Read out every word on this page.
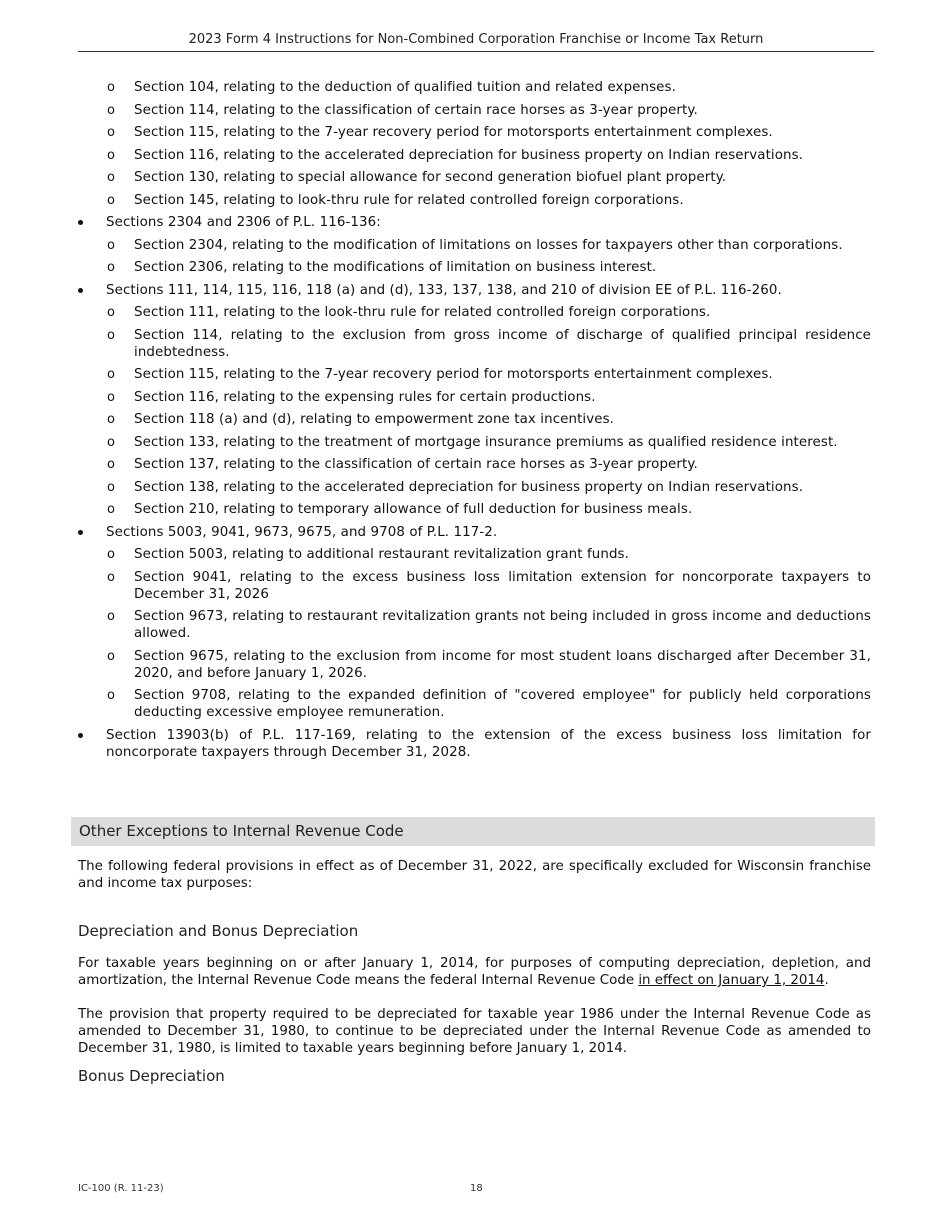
2023 Form 4 Instructions for Non-Combined Corporation Franchise or Income Tax Return
o Section 104, relating to the deduction of qualified tuition and related expenses.
o Section 114, relating to the classification of certain race horses as 3-year property.
o Section 115, relating to the 7-year recovery period for motorsports entertainment complexes.
o Section 116, relating to the accelerated depreciation for business property on Indian reservations.
o Section 130, relating to special allowance for second generation biofuel plant property.
o Section 145, relating to look-thru rule for related controlled foreign corporations.
Sections 2304 and 2306 of P.L. 116-136:
o Section 2304, relating to the modification of limitations on losses for taxpayers other than corporations.
o Section 2306, relating to the modifications of limitation on business interest.
Sections 111, 114, 115, 116, 118 (a) and (d), 133, 137, 138, and 210 of division EE of P.L. 116-260.
o Section 111, relating to the look-thru rule for related controlled foreign corporations.
o Section 114, relating to the exclusion from gross income of discharge of qualified principal residence indebtedness.
o Section 115, relating to the 7-year recovery period for motorsports entertainment complexes.
o Section 116, relating to the expensing rules for certain productions.
o Section 118 (a) and (d), relating to empowerment zone tax incentives.
o Section 133, relating to the treatment of mortgage insurance premiums as qualified residence interest.
o Section 137, relating to the classification of certain race horses as 3-year property.
o Section 138, relating to the accelerated depreciation for business property on Indian reservations.
o Section 210, relating to temporary allowance of full deduction for business meals.
Sections 5003, 9041, 9673, 9675, and 9708 of P.L. 117-2.
o Section 5003, relating to additional restaurant revitalization grant funds.
o Section 9041, relating to the excess business loss limitation extension for noncorporate taxpayers to December 31, 2026
o Section 9673, relating to restaurant revitalization grants not being included in gross income and deductions allowed.
o Section 9675, relating to the exclusion from income for most student loans discharged after December 31, 2020, and before January 1, 2026.
o Section 9708, relating to the expanded definition of "covered employee" for publicly held corporations deducting excessive employee remuneration.
Section 13903(b) of P.L. 117-169, relating to the extension of the excess business loss limitation for noncorporate taxpayers through December 31, 2028.
Other Exceptions to Internal Revenue Code
The following federal provisions in effect as of December 31, 2022, are specifically excluded for Wisconsin franchise and income tax purposes:
Depreciation and Bonus Depreciation
For taxable years beginning on or after January 1, 2014, for purposes of computing depreciation, depletion, and amortization, the Internal Revenue Code means the federal Internal Revenue Code in effect on January 1, 2014.
The provision that property required to be depreciated for taxable year 1986 under the Internal Revenue Code as amended to December 31, 1980, to continue to be depreciated under the Internal Revenue Code as amended to December 31, 1980, is limited to taxable years beginning before January 1, 2014.
Bonus Depreciation
IC-100 (R. 11-23)	18
